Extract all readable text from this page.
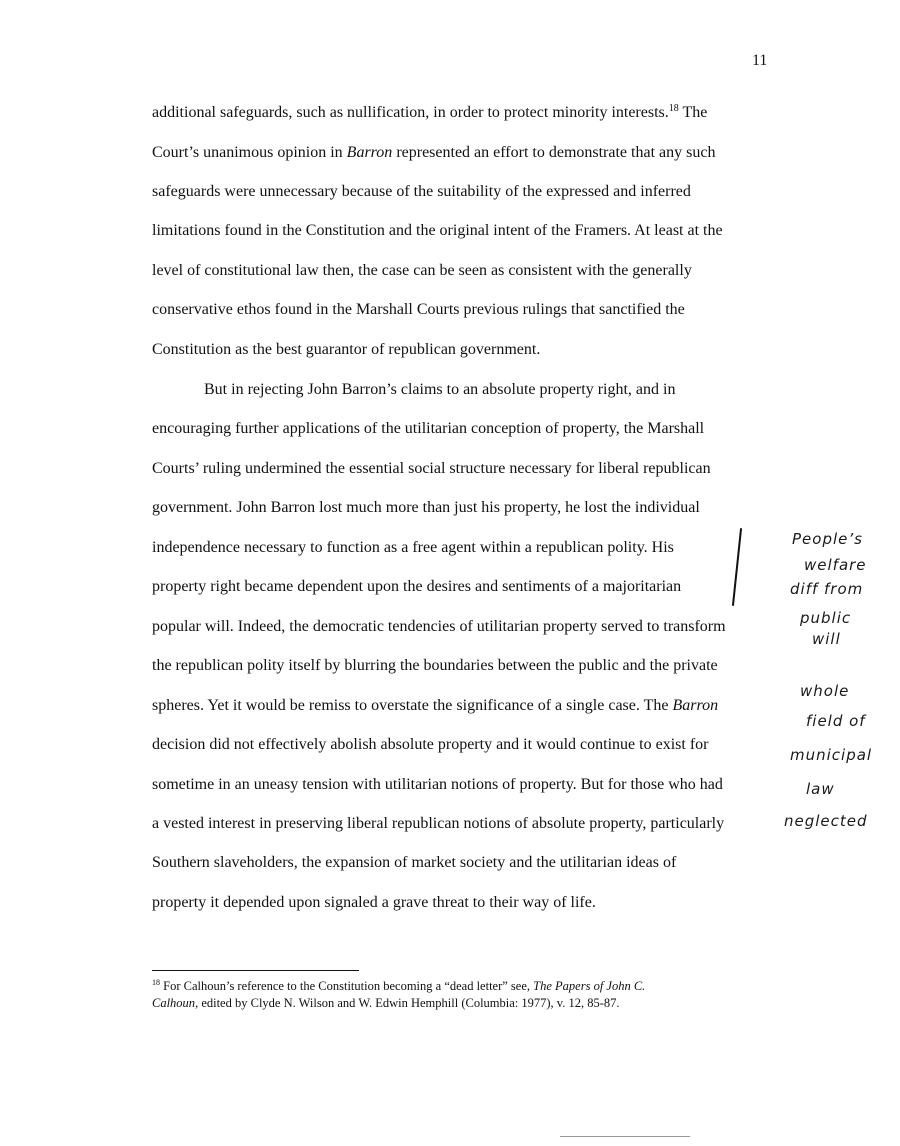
11
additional safeguards, such as nullification, in order to protect minority interests.$^{18}$ The
Court’s unanimous opinion in Barron represented an effort to demonstrate that any such
safeguards were unnecessary because of the suitability of the expressed and inferred
limitations found in the Constitution and the original intent of the Framers. At least at the
level of constitutional law then, the case can be seen as consistent with the generally
conservative ethos found in the Marshall Courts previous rulings that sanctified the
Constitution as the best guarantor of republican government.
But in rejecting John Barron’s claims to an absolute property right, and in
encouraging further applications of the utilitarian conception of property, the Marshall
Courts’ ruling undermined the essential social structure necessary for liberal republican
government. John Barron lost much more than just his property, he lost the individual
independence necessary to function as a free agent within a republican polity. His
property right became dependent upon the desires and sentiments of a majoritarian
popular will. Indeed, the democratic tendencies of utilitarian property served to transform
the republican polity itself by blurring the boundaries between the public and the private
spheres. Yet it would be remiss to overstate the significance of a single case. The Barron
decision did not effectively abolish absolute property and it would continue to exist for
sometime in an uneasy tension with utilitarian notions of property. But for those who had
a vested interest in preserving liberal republican notions of absolute property, particularly
Southern slaveholders, the expansion of market society and the utilitarian ideas of
property it depended upon signaled a grave threat to their way of life.
$^{18}$ For Calhoun’s reference to the Constitution becoming a “dead letter” see, The Papers of John C.
Calhoun, edited by Clyde N. Wilson and W. Edwin Hemphill (Columbia: 1977), v. 12, 85-87.
People’s
welfare
diff from
public
will
whole
field of
municipal
law
neglected
